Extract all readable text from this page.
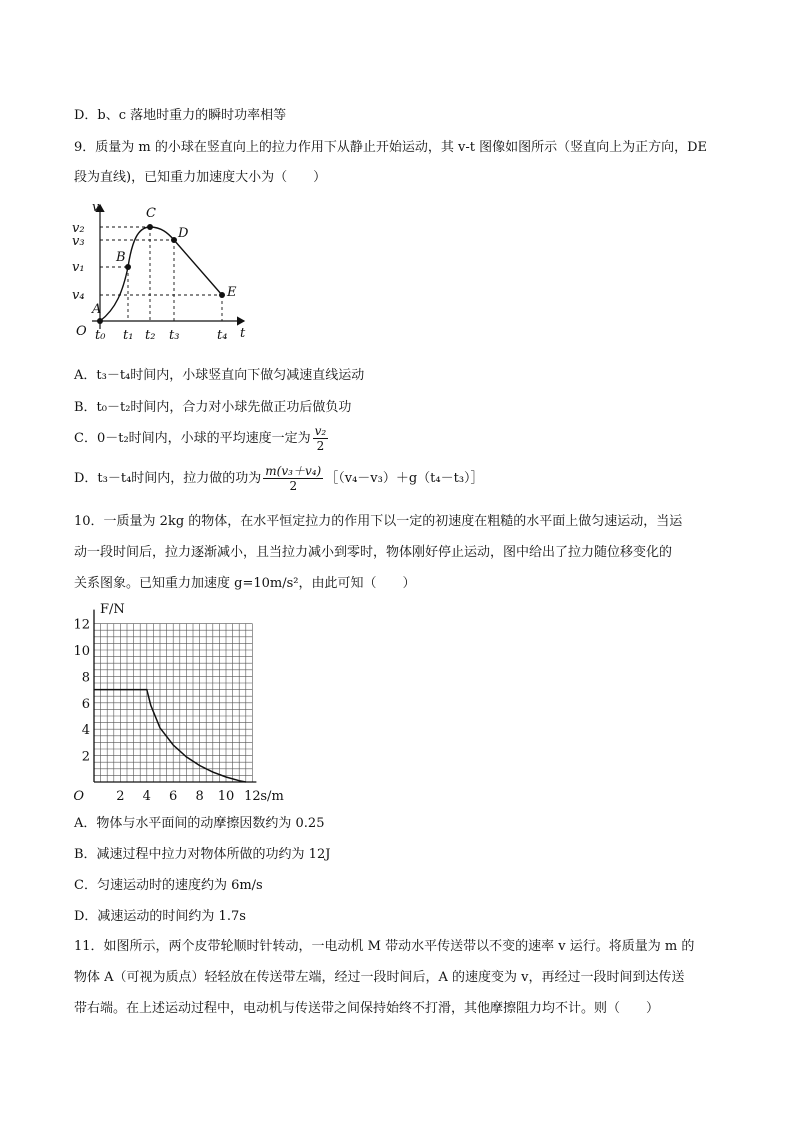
D．b、c 落地时重力的瞬时功率相等
9．质量为 m 的小球在竖直向上的拉力作用下从静止开始运动，其 v-t 图像如图所示（竖直向上为正方向，DE
段为直线)，已知重力加速度大小为（　　）
v
t
A
B
C
D
E
v₂
v₃
v₁
v₄
t₀ t₁ t₂ t₃	t₄
O
A．t₃－t₄时间内，小球竖直向下做匀减速直线运动
B．t₀－t₂时间内，合力对小球先做正功后做负功
C．0－t₂时间内，小球的平均速度一定为 $\frac{\text{v₂}}{2}$
D．t₃－t₄时间内，拉力做的功为 $\frac{\text{m(v₃＋v₄)}}{2}$ ［（v₄－v₃）＋g（t₄－t₃）］
10．一质量为 2kg 的物体，在水平恒定拉力的作用下以一定的初速度在粗糙的水平面上做匀速运动，当运
动一段时间后，拉力逐渐减小，且当拉力减小到零时，物体刚好停止运动，图中给出了拉力随位移变化的
关系图象。已知重力加速度 g=10m/s²，由此可知（　　）
2 4 6 8 10 12
2
4
6
8
10
12
O
F/N
s/m
A．物体与水平面间的动摩擦因数约为 0.25
B．减速过程中拉力对物体所做的功约为 12J
C．匀速运动时的速度约为 6m/s
D．减速运动的时间约为 1.7s
11．如图所示，两个皮带轮顺时针转动，一电动机 M 带动水平传送带以不变的速率 v 运行。将质量为 m 的
物体 A（可视为质点）轻轻放在传送带左端，经过一段时间后，A 的速度变为 v，再经过一段时间到达传送
带右端。在上述运动过程中，电动机与传送带之间保持始终不打滑，其他摩擦阻力均不计。则（　　）
